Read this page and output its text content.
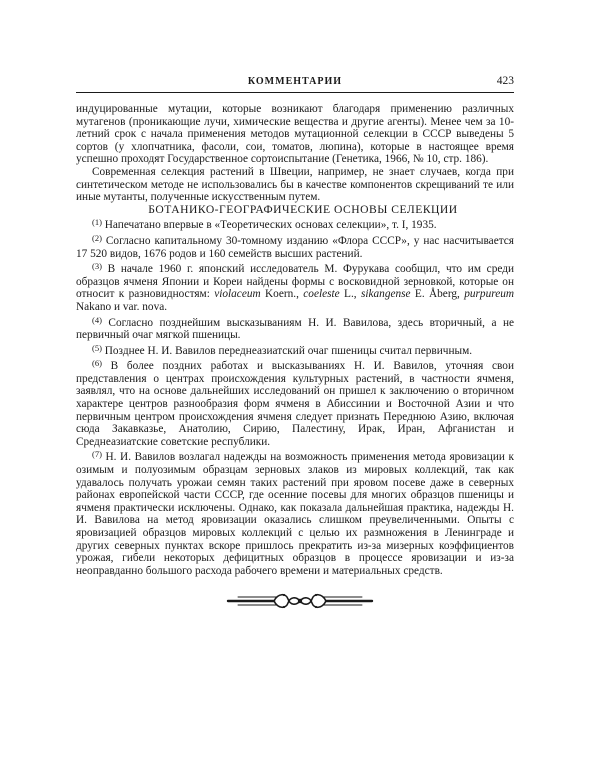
КОММЕНТАРИИ	423

индуцированные мутации, которые возникают благодаря применению различных мутагенов (проникающие лучи, химические вещества и другие агенты). Менее чем за 10-летний срок с начала применения методов мутационной селекции в СССР выведены 5 сортов (у хлопчатника, фасоли, сои, томатов, люпина), которые в настоящее время успешно проходят Государственное сортоиспытание (Генетика, 1966, № 10, стр. 186).

Современная селекция растений в Швеции, например, не знает случаев, когда при синтетическом методе не использовались бы в качестве компонентов скрещиваний те или иные мутанты, полученные искусственным путем.

БОТАНИКО-ГЕОГРАФИЧЕСКИЕ ОСНОВЫ СЕЛЕКЦИИ

$^{(1)}$ Напечатано впервые в «Теоретических основах селекции», т. I, 1935.

$^{(2)}$ Согласно капитальному 30-томному изданию «Флора СССР», у нас насчитывается 17 520 видов, 1676 родов и 160 семейств высших растений.

$^{(3)}$ В начале 1960 г. японский исследователь М. Фурукава сообщил, что им среди образцов ячменя Японии и Кореи найдены формы с восковидной зерновкой, которые он относит к разновидностям: violaceum Koern., coeleste L., sikangense E. Åberg, purpureum Nakano и var. nova.

$^{(4)}$ Согласно позднейшим высказываниям Н. И. Вавилова, здесь вторичный, а не первичный очаг мягкой пшеницы.

$^{(5)}$ Позднее Н. И. Вавилов переднеазиатский очаг пшеницы считал первичным.

$^{(6)}$ В более поздних работах и высказываниях Н. И. Вавилов, уточняя свои представления о центрах происхождения культурных растений, в частности ячменя, заявлял, что на основе дальнейших исследований он пришел к заключению о вторичном характере центров разнообразия форм ячменя в Абиссинии и Восточной Азии и что первичным центром происхождения ячменя следует признать Переднюю Азию, включая сюда Закавказье, Анатолию, Сирию, Палестину, Ирак, Иран, Афганистан и Среднеазиатские советские республики.

$^{(7)}$ Н. И. Вавилов возлагал надежды на возможность применения метода яровизации к озимым и полуозимым образцам зерновых злаков из мировых коллекций, так как удавалось получать урожаи семян таких растений при яровом посеве даже в северных районах европейской части СССР, где осенние посевы для многих образцов пшеницы и ячменя практически исключены. Однако, как показала дальнейшая практика, надежды Н. И. Вавилова на метод яровизации оказались слишком преувеличенными. Опыты с яровизацией образцов мировых коллекций с целью их размножения в Ленинграде и других северных пунктах вскоре пришлось прекратить из-за мизерных коэффициентов урожая, гибели некоторых дефицитных образцов в процессе яровизации и из-за неоправданно большого расхода рабочего времени и материальных средств.
